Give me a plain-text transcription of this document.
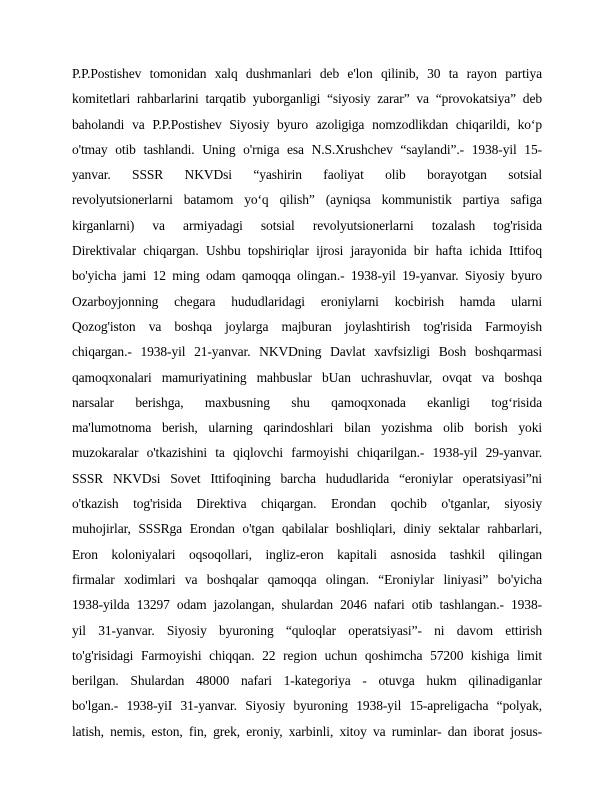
P.P.Postishev tomonidan xalq dushmanlari deb e'lon qilinib, 30 ta rayon partiya
komitetlari rahbarlarini tarqatib yuborganligi “siyosiy zarar” va “provokatsiya” deb
baholandi va P.P.Postishev Siyosiy byuro azoligiga nomzodlikdan chiqarildi, ko‘p
o'tmay otib tashlandi. Uning o'rniga esa N.S.Xrushchev “saylandi”.- 1938-yil 15-
yanvar. SSSR NKVDsi “yashirin faoliyat olib borayotgan sotsial
revolyutsionerlarni batamom yo‘q qilish” (ayniqsa kommunistik partiya safiga
kirganlarni) va armiyadagi sotsial revolyutsionerlarni tozalash tog'risida
Direktivalar chiqargan. Ushbu topshiriqlar ijrosi jarayonida bir hafta ichida Ittifoq
bo'yicha jami 12 ming odam qamoqqa olingan.- 1938-yil 19-yanvar. Siyosiy byuro
Ozarboyjonning chegara hududlaridagi eroniylarni kocbirish hamda ularni
Qozog'iston va boshqa joylarga majburan joylashtirish tog'risida Farmoyish
chiqargan.- 1938-yil 21-yanvar. NKVDning Davlat xavfsizligi Bosh boshqarmasi
qamoqxonalari mamuriyatining mahbuslar bUan uchrashuvlar, ovqat va boshqa
narsalar berishga, maxbusning shu qamoqxonada ekanligi tog‘risida
ma'lumotnoma berish, ularning qarindoshlari bilan yozishma olib borish yoki
muzokaralar o'tkazishini ta qiqlovchi farmoyishi chiqarilgan.- 1938-yil 29-yanvar.
SSSR NKVDsi Sovet Ittifoqining barcha hududlarida “eroniylar operatsiyasi”ni
o'tkazish tog'risida Direktiva chiqargan. Erondan qochib o'tganlar, siyosiy
muhojirlar, SSSRga Erondan o'tgan qabilalar boshliqlari, diniy sektalar rahbarlari,
Eron koloniyalari oqsoqollari, ingliz-eron kapitali asnosida tashkil qilingan
firmalar xodimlari va boshqalar qamoqqa olingan. “Eroniylar liniyasi” bo'yicha
1938-yilda 13297 odam jazolangan, shulardan 2046 nafari otib tashlangan.- 1938-
yil 31-yanvar. Siyosiy byuroning “quloqlar operatsiyasi”- ni davom ettirish
to'g'risidagi Farmoyishi chiqqan. 22 region uchun qoshimcha 57200 kishiga limit
berilgan. Shulardan 48000 nafari 1-kategoriya - otuvga hukm qilinadiganlar
bo'lgan.- 1938-yiI 31-yanvar. Siyosiy byuroning 1938-yil 15-apreligacha “polyak,
latish, nemis, eston, fin, grek, eroniy, xarbinli, xitoy va ruminlar- dan iborat josus-
